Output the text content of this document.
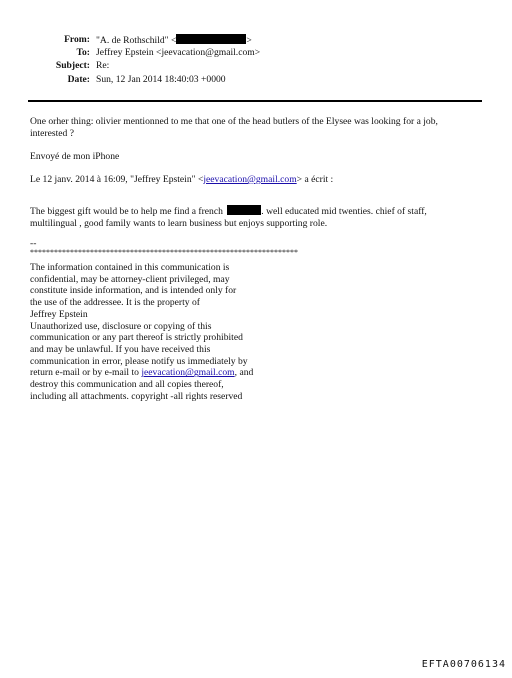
From: "A. de Rothschild" <	>
To: Jeffrey Epstein <jeevacation@gmail.com>
Subject: Re:
Date: Sun, 12 Jan 2014 18:40:03 +0000
One orher thing: olivier mentionned to me that one of the head butlers of the Elysee was looking for a job,
interested ?
Envoyé de mon iPhone
Le 12 janv. 2014 à 16:09, "Jeffrey Epstein" <jeevacation@gmail.com> a écrit :
The biggest gift would be to help me find a french	. well educated mid twenties. chief of staff,
multilingual , good family wants to learn business but enjoys supporting role.
--
*******************************************************************
The information contained in this communication is
confidential, may be attorney-client privileged, may
constitute inside information, and is intended only for
the use of the addressee. It is the property of
Jeffrey Epstein
Unauthorized use, disclosure or copying of this
communication or any part thereof is strictly prohibited
and may be unlawful. If you have received this
communication in error, please notify us immediately by
return e-mail or by e-mail to jeevacation@gmail.com, and
destroy this communication and all copies thereof,
including all attachments. copyright -all rights reserved
EFTA00706134
